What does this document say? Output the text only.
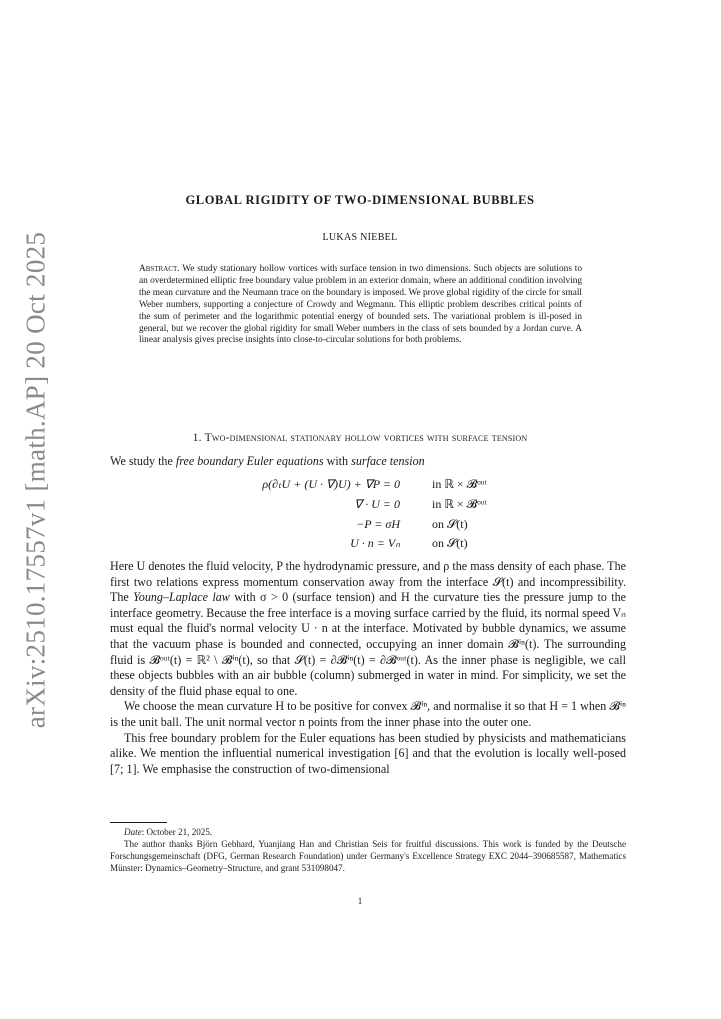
arXiv:2510.17557v1 [math.AP] 20 Oct 2025
GLOBAL RIGIDITY OF TWO-DIMENSIONAL BUBBLES
LUKAS NIEBEL
Abstract. We study stationary hollow vortices with surface tension in two dimensions. Such objects are solutions to an overdetermined elliptic free boundary value problem in an exterior domain, where an additional condition involving the mean curvature and the Neumann trace on the boundary is imposed. We prove global rigidity of the circle for small Weber numbers, supporting a conjecture of Crowdy and Wegmann. This elliptic problem describes critical points of the sum of perimeter and the logarithmic potential energy of bounded sets. The variational problem is ill-posed in general, but we recover the global rigidity for small Weber numbers in the class of sets bounded by a Jordan curve. A linear analysis gives precise insights into close-to-circular solutions for both problems.
1. Two-dimensional stationary hollow vortices with surface tension
We study the free boundary Euler equations with surface tension
ρ(∂ₜU + (U · ∇)U) + ∇P = 0	in ℝ × 𝓑ᵒᵘᵗ
∇ · U = 0	in ℝ × 𝓑ᵒᵘᵗ
−P = σH	on 𝓢(t)
U · n = Vₙ	on 𝓢(t)

Here U denotes the fluid velocity, P the hydrodynamic pressure, and ρ the mass density of each phase. The first two relations express momentum conservation away from the interface 𝓢(t) and incompressibility. The Young–Laplace law with σ > 0 (surface tension) and H the curvature ties the pressure jump to the interface geometry. Because the free interface is a moving surface carried by the fluid, its normal speed Vₙ must equal the fluid's normal velocity U · n at the interface. Motivated by bubble dynamics, we assume that the vacuum phase is bounded and connected, occupying an inner domain 𝓑ⁱⁿ(t). The surrounding fluid is 𝓑ᵒᵘᵗ(t) = ℝ² \ 𝓑ⁱⁿ(t), so that 𝓢(t) = ∂𝓑ⁱⁿ(t) = ∂𝓑ᵒᵘᵗ(t). As the inner phase is negligible, we call these objects bubbles with an air bubble (column) submerged in water in mind. For simplicity, we set the density of the fluid phase equal to one.

We choose the mean curvature H to be positive for convex 𝓑ⁱⁿ, and normalise it so that H = 1 when 𝓑ⁱⁿ is the unit ball. The unit normal vector n points from the inner phase into the outer one.

This free boundary problem for the Euler equations has been studied by physicists and mathematicians alike. We mention the influential numerical investigation [6] and that the evolution is locally well-posed [7; 1]. We emphasise the construction of two-dimensional

Date: October 21, 2025.

The author thanks Björn Gebhard, Yuanjiang Han and Christian Seis for fruitful discussions. This work is funded by the Deutsche Forschungsgemeinschaft (DFG, German Research Foundation) under Germany's Excellence Strategy EXC 2044–390685587, Mathematics Münster: Dynamics–Geometry–Structure, and grant 531098047.

1
